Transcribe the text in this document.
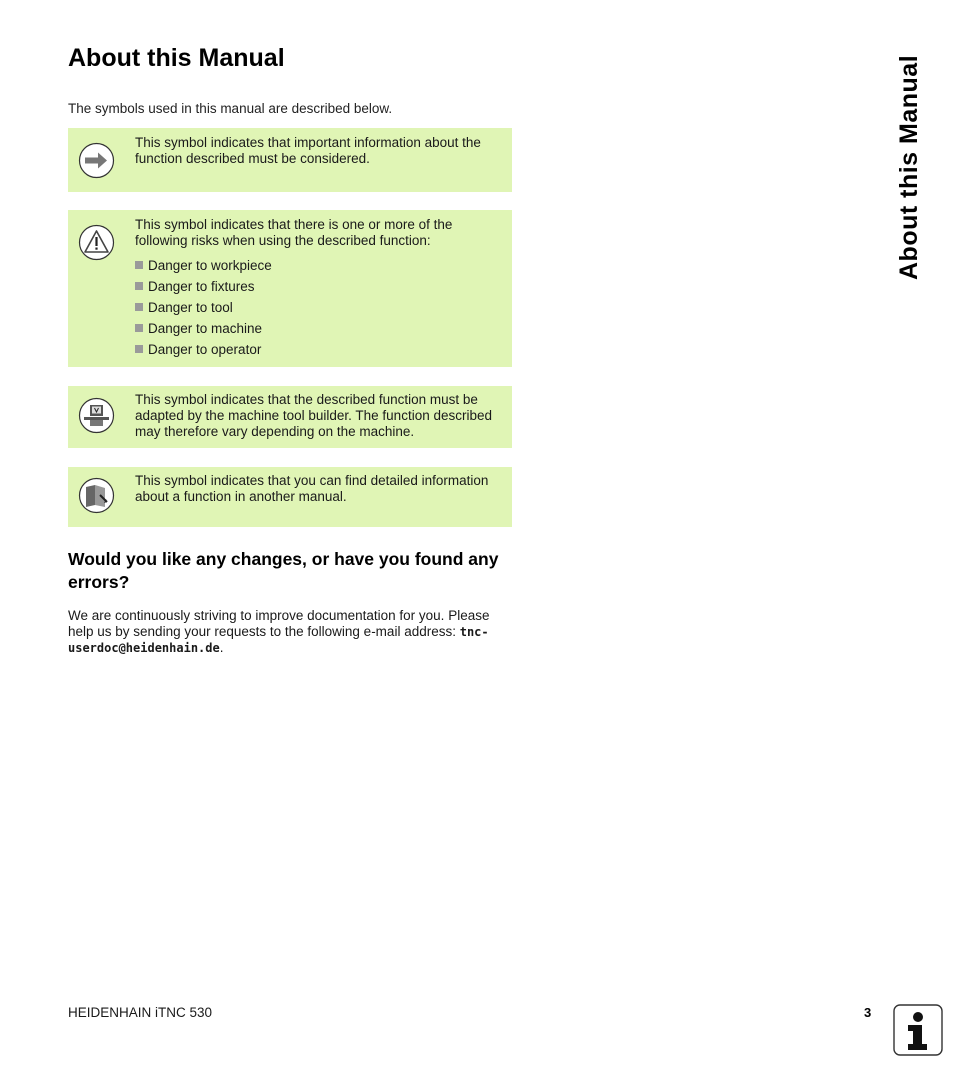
About this Manual

The symbols used in this manual are described below.

This symbol indicates that important information about the function described must be considered.
This symbol indicates that there is one or more of the following risks when using the described function:
Danger to workpiece
Danger to fixtures
Danger to tool
Danger to machine
Danger to operator
This symbol indicates that the described function must be adapted by the machine tool builder. The function described may therefore vary depending on the machine.
This symbol indicates that you can find detailed information about a function in another manual.
Would you like any changes, or have you found any errors?

We are continuously striving to improve documentation for you. Please help us by sending your requests to the following e-mail address: tnc-userdoc@heidenhain.de.

About this Manual
HEIDENHAIN iTNC 530	3
